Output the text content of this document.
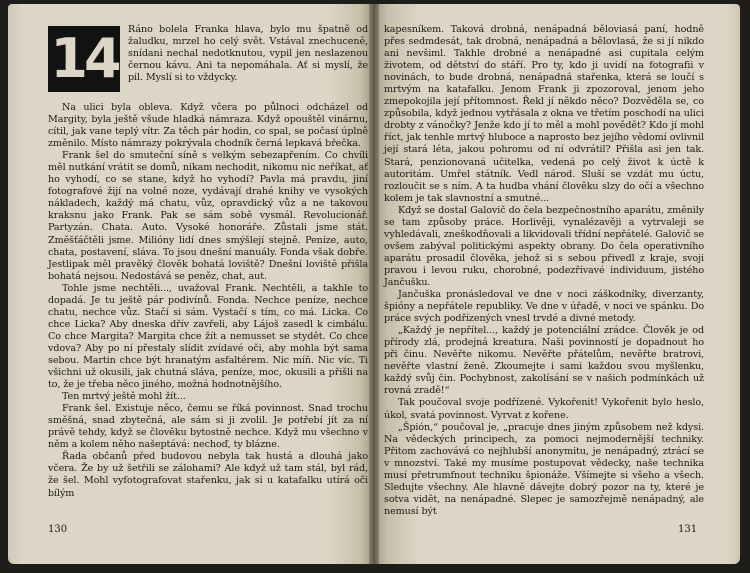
14	Ráno bolela Franka hlava, bylo mu špatně od žaludku, mrzel ho celý svět. Vstával znechuceně, snídani nechal nedotknutou, vypil jen neslazenou černou kávu. Ani ta nepomáhala. Ať si myslí, že pil. Myslí si to vždycky.

Na ulici byla obleva. Když včera po půlnoci odcházel od Margity, byla ještě všude hladká námraza. Když opouštěl vinárnu, cítil, jak vane teplý vítr. Za těch pár hodin, co spal, se počasí úplně změnilo. Místo námrazy pokrývala chodník černá lepkavá břečka.

Frank šel do smuteční síně s velkým sebezapřením. Co chvíli měl nutkání vrátit se domů, nikam nechodit, nikomu nic neříkat, ať ho vyhodí, co se stane, když ho vyhodí? Pavla má pravdu, jiní fotografové žijí na volné noze, vydávají drahé knihy ve vysokých nákladech, každý má chatu, vůz, opravdický vůz a ne takovou kraksnu jako Frank. Pak se sám sobě vysmál. Revolucionář. Partyzán. Chata. Auto. Vysoké honoráře. Zůstali jsme stát. Změšťáčtěli jsme. Milióny lidí dnes smýšlejí stejně. Peníze, auto, chata, postavení, sláva. To jsou dnešní manuály. Fonda však dobře. Jestlipak měl pravěký člověk bohatá loviště? Dnešní loviště přišla bohatá nejsou. Nedostává se peněz, chat, aut.

Tohle jsme nechtěli..., uvažoval Frank. Nechtěli, a takhle to dopadá. Je tu ještě pár podivínů. Fonda. Nechce peníze, nechce chatu, nechce vůz. Stačí si sám. Vystačí s tím, co má. Licka. Co chce Licka? Aby dneska dřív zavřeli, aby Lájoš zasedl k cimbálu. Co chce Margita? Margita chce žít a nemusset se stydět. Co chce vdova? Aby po ní přestaly slídit zvídavé oči, aby mohla být sama sebou. Martin chce být hranatým asfaltérem. Nic míň. Nic víc. Ti všichni už okusili, jak chutná sláva, peníze, moc, okusili a přišli na to, že je třeba něco jiného, možná hodnotnějšího.

Ten mrtvý ještě mohl žít...

Frank šel. Existuje něco, čemu se říká povinnost. Snad trochu směšná, snad zbytečná, ale sám si ji zvolil. Je potřebí jít za ní právě tehdy, když se člověku bytostně nechce. Když mu všechno v něm a kolem něho našeptává: nechoď, ty blázne.

Řada občanů před budovou nebyla tak hustá a dlouhá jako včera. Že by už šetřili se zálohami? Ale když už tam stál, byl rád, že šel. Mohl vyfotografovat stařenku, jak si u katafalku utírá oči bílým

130

kapesníkem. Taková drobná, nenápadná běloviasá paní, hodně přes sedmdesát, tak drobná, nenápadná a bělovlasá, že si jí nikdo ani nevšiml. Takhle drobné a nenápadné asi cupitala celým životem, od dětství do stáří. Pro ty, kdo ji uvidí na fotografii v novinách, to bude drobná, nenápadná stařenka, která se loučí s mrtvým na katafalku. Jenom Frank ji zpozoroval, jenom jeho zmepokojila její přítomnost. Řekl jí někdo něco? Dozvěděla se, co způsobila, když jednou vytřásala z okna ve třetím poschodí na ulici drobty z vánočky? Jenže kdo jí to měl a mohl povědět? Kdo jí mohl říct, jak tenhle mrtvý hluboce a naprosto bez jejího vědomí ovlivnil její stará léta, jakou pohromu od ní odvrátil? Přišla asi jen tak. Stará, penzionovaná učitelka, vedená po celý život k úctě k autoritám. Umřel státník. Vedl národ. Sluší se vzdát mu úctu, rozloučit se s ním. A ta hudba vhání člověku slzy do očí a všechno kolem je tak slavnostní a smutné...

Když se dostal Galovič do čela bezpečnostního aparátu, změnily se tam způsoby práce. Horlivěji, vynalézavěji a vytrvaleji se vyhledávali, zneškodňovali a likvidovali třídní nepřátelé. Galovič se ovšem zabýval politickými aspekty obrany. Do čela operativního aparátu prosadil člověka, jehož si s sebou přivedl z kraje, svoji pravou i levou ruku, chorobné, podezřívavé individuum, jistého Jančušku.

Jančuška pronásledoval ve dne v noci záškodníky, diverzanty, špióny a nepřátele republiky. Ve dne v úřadě, v noci ve spánku. Do práce svých podřízených vnesl trvdé a divné metody.

„Každý je nepřítel..., každý je potenciální zrádce. Člověk je od přírody zlá, prodejná kreatura. Naši povinností je dopadnout ho při činu. Nevěřte nikomu. Nevěřte přátelům, nevěřte bratrovi, nevěřte vlastní ženě. Zkoumejte i sami každou svou myšlenku, každý svůj čin. Pochybnost, zakolísání se v našich podmínkách už rovná zradě!“

Tak poučoval svoje podřízené. Vykořenit! Vykořenit bylo heslo, úkol, svatá povinnost. Vyrvat z kořene.

„Špión,“ poučoval je, „pracuje dnes jiným způsobem než kdysi. Na vědeckých principech, za pomoci nejmodernější techniky. Přitom zachovává co nejhlubší anonymitu, je nenápadný, ztrácí se v mnozství. Také my musíme postupovat vědecky, naše technika musí přetrumfnout techniku špionáže. Všímejte si všeho a všech. Sledujte všechny. Ale hlavně dávejte dobrý pozor na ty, které je sotva vidět, na nenápadné. Slepec je samozřejmě nenápadný, ale nemusí být

131
